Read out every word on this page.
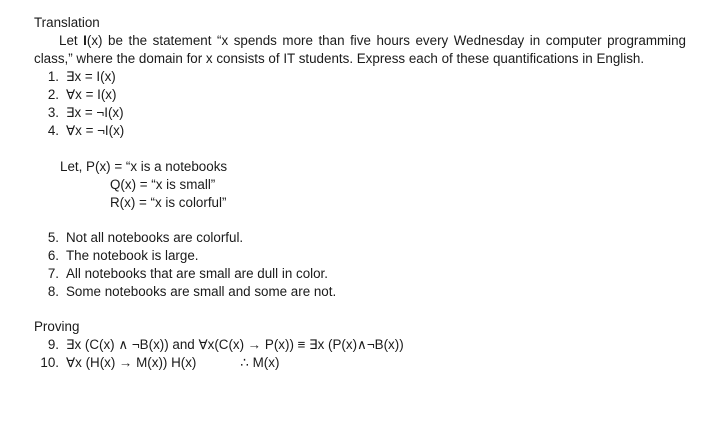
Translation

Let I(x) be the statement “x spends more than five hours every Wednesday in computer programming class,” where the domain for x consists of IT students. Express each of these quantifications in English.

1. ∃x = I(x)
2. ∀x = I(x)
3. ∃x = ¬I(x)
4. ∀x = ¬I(x)
Let, P(x) = “x is a notebooks
Q(x) = “x is small”
R(x) = “x is colorful”
5. Not all notebooks are colorful.
6. The notebook is large.
7. All notebooks that are small are dull in color.
8. Some notebooks are small and some are not.

Proving

9. ∃x (C(x) ∧ ¬B(x)) and ∀x(C(x) → P(x)) ≡ ∃x (P(x)∧¬B(x))
10. ∀x (H(x) → M(x)) H(x)	∴ M(x)
